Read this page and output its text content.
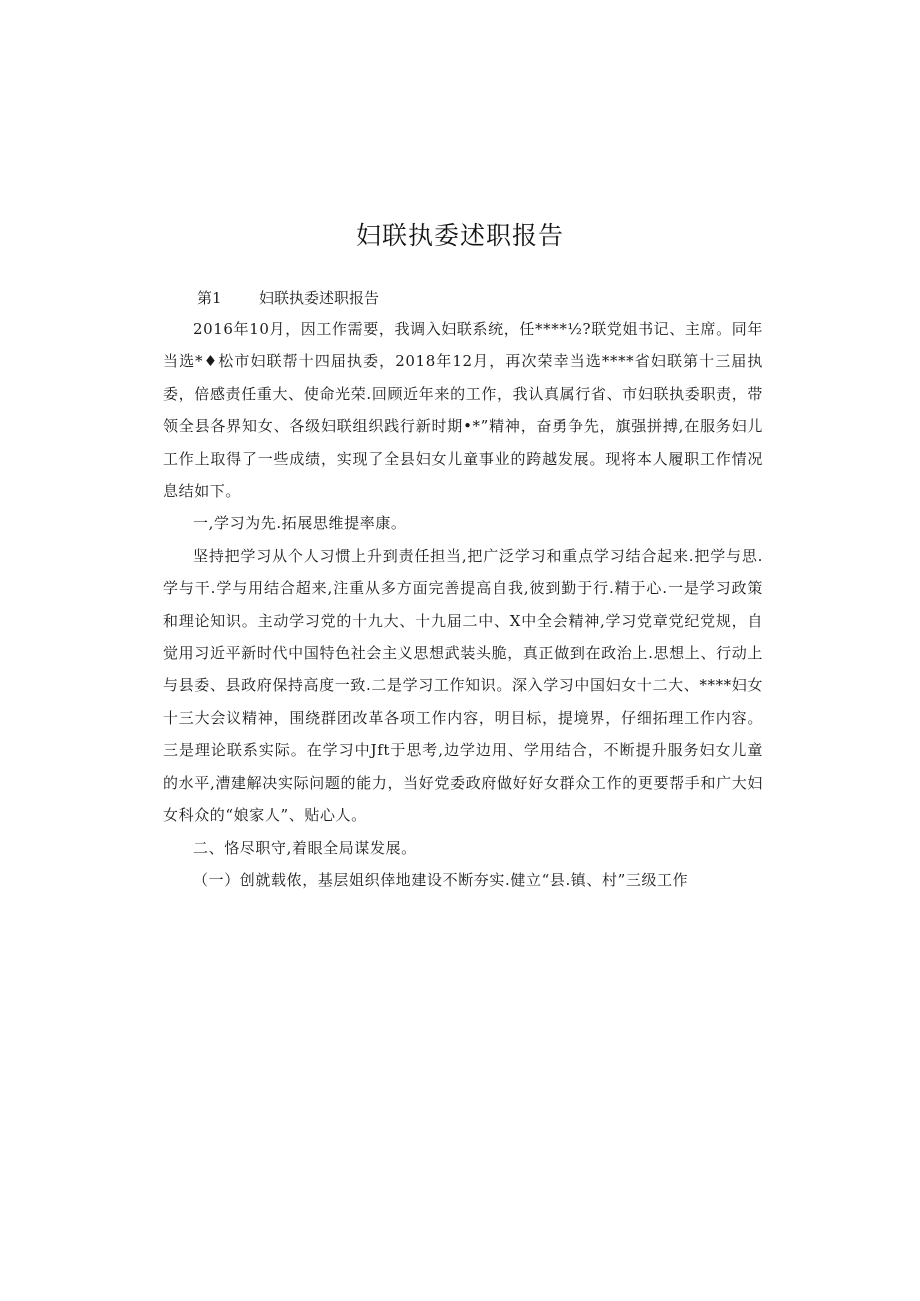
妇联执委述职报告
第1 妇联执委述职报告

2016年10月，因工作需要，我调入妇联系统，任****½?联党姐书记、主席。同年当选*♦松市妇联帮十四届执委，2018年12月，再次荣幸当选****省妇联第十三届执委，倍感责任重大、使命光荣.回顾近年来的工作，我认真属行省、市妇联执委职责，带领全县各界知女、各级妇联组织践行新时期•*”精神，奋勇争先，旗强拼搏,在服务妇儿工作上取得了一些成绩，实现了全县妇女儿童事业的跨越发展。现将本人履职工作情况息结如下。

一,学习为先.拓展思维提率康。

坚持把学习从个人习惯上升到责任担当,把广泛学习和重点学习结合起来.把学与思.学与干.学与用结合超来,注重从多方面完善提高自我,彼到勤于行.精于心.一是学习政策和理论知识。主动学习党的十九大、十九届二中、X中全会精神,学习党章党纪党规，自觉用习近平新时代中国特色社会主义思想武装头脆，真正做到在政治上.思想上、行动上与县委、县政府保持高度一致.二是学习工作知识。深入学习中国妇女十二大、****妇女十三大会议精神，围绕群团改革各项工作内容，明目标，提境界，仔细拓理工作内容。三是理论联系实际。在学习中Jft于思考,边学边用、学用结合，不断提升服务妇女儿童的水平,漕建解决实际问题的能力，当好党委政府做好好女群众工作的更要帮手和广大妇女科众的“娘家人”、贴心人。

二、恪尽职守,着眼全局谋发展。

（一）创就载侬，基层姐织倖地建设不断夯实.健立“县.镇、村”三级工作
